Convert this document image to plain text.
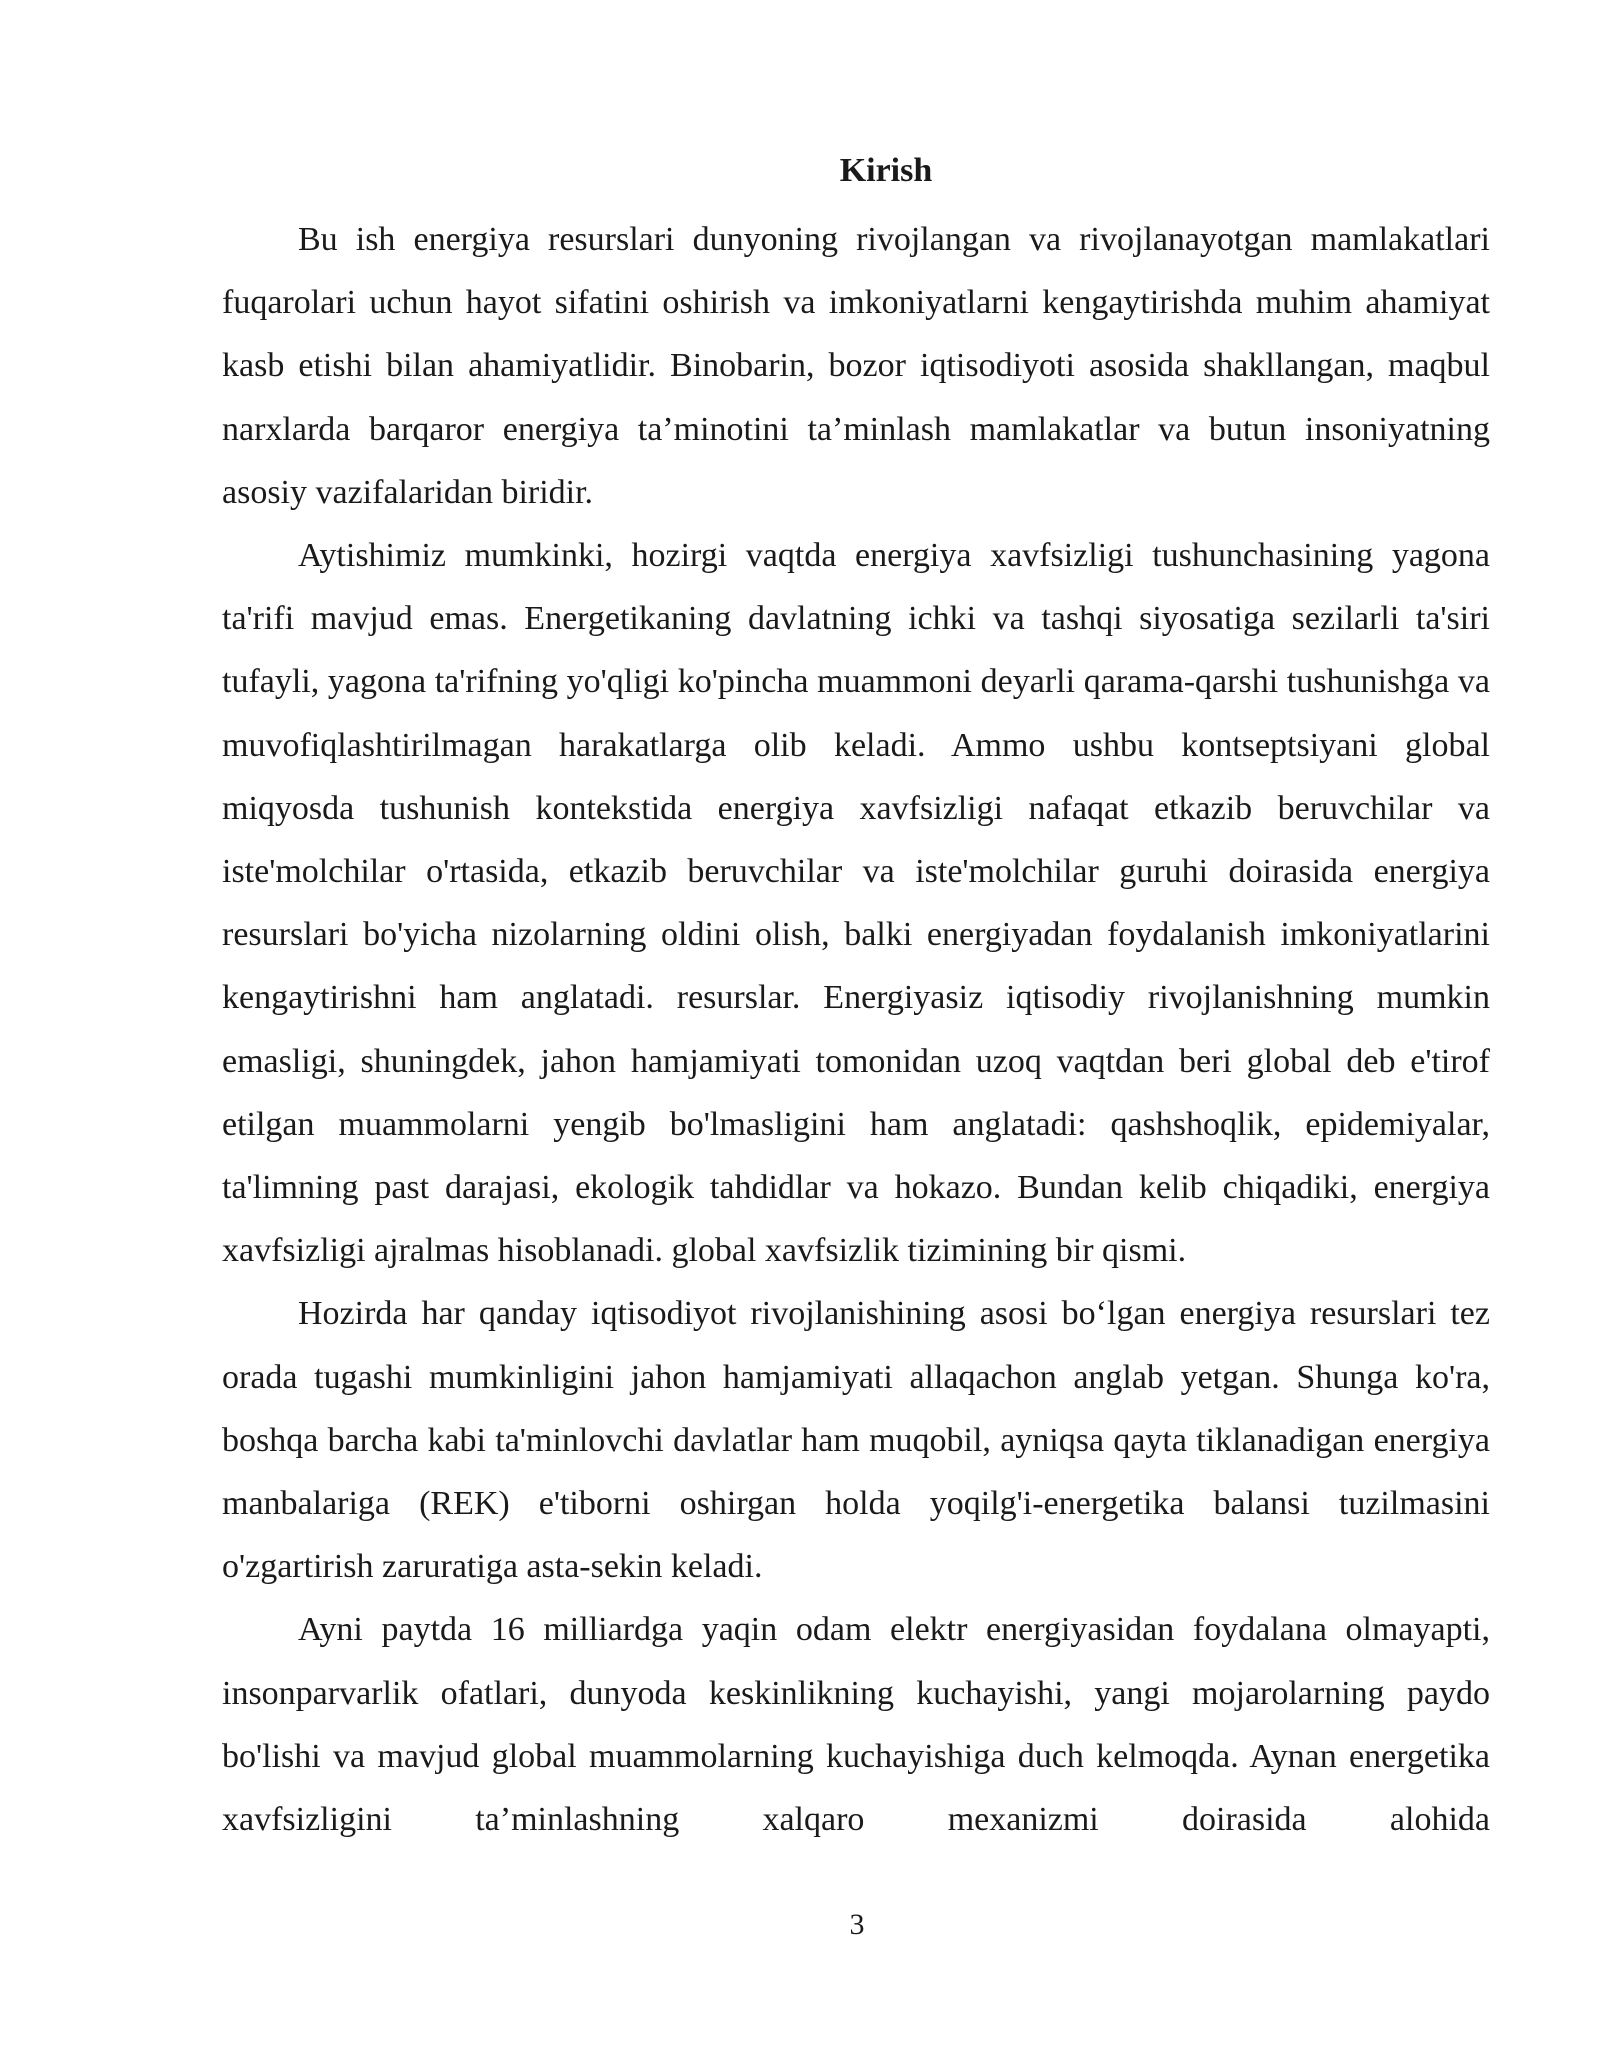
Kirish

Bu ish energiya resurslari dunyoning rivojlangan va rivojlanayotgan mamlakatlari fuqarolari uchun hayot sifatini oshirish va imkoniyatlarni kengaytirishda muhim ahamiyat kasb etishi bilan ahamiyatlidir. Binobarin, bozor iqtisodiyoti asosida shakllangan, maqbul narxlarda barqaror energiya ta’minotini ta’minlash mamlakatlar va butun insoniyatning asosiy vazifalaridan biridir.

Aytishimiz mumkinki, hozirgi vaqtda energiya xavfsizligi tushunchasining yagona ta'rifi mavjud emas. Energetikaning davlatning ichki va tashqi siyosatiga sezilarli ta'siri tufayli, yagona ta'rifning yo'qligi ko'pincha muammoni deyarli qarama-qarshi tushunishga va muvofiqlashtirilmagan harakatlarga olib keladi. Ammo ushbu kontseptsiyani global miqyosda tushunish kontekstida energiya xavfsizligi nafaqat etkazib beruvchilar va iste'molchilar o'rtasida, etkazib beruvchilar va iste'molchilar guruhi doirasida energiya resurslari bo'yicha nizolarning oldini olish, balki energiyadan foydalanish imkoniyatlarini kengaytirishni ham anglatadi. resurslar. Energiyasiz iqtisodiy rivojlanishning mumkin emasligi, shuningdek, jahon hamjamiyati tomonidan uzoq vaqtdan beri global deb e'tirof etilgan muammolarni yengib bo'lmasligini ham anglatadi: qashshoqlik, epidemiyalar, ta'limning past darajasi, ekologik tahdidlar va hokazo. Bundan kelib chiqadiki, energiya xavfsizligi ajralmas hisoblanadi. global xavfsizlik tizimining bir qismi.

Hozirda har qanday iqtisodiyot rivojlanishining asosi bo‘lgan energiya resurslari tez orada tugashi mumkinligini jahon hamjamiyati allaqachon anglab yetgan. Shunga ko'ra, boshqa barcha kabi ta'minlovchi davlatlar ham muqobil, ayniqsa qayta tiklanadigan energiya manbalariga (REK) e'tiborni oshirgan holda yoqilg'i-energetika balansi tuzilmasini o'zgartirish zaruratiga asta-sekin keladi.

Ayni paytda 16 milliardga yaqin odam elektr energiyasidan foydalana olmayapti, insonparvarlik ofatlari, dunyoda keskinlikning kuchayishi, yangi mojarolarning paydo bo'lishi va mavjud global muammolarning kuchayishiga duch kelmoqda. Aynan energetika xavfsizligini ta’minlashning xalqaro mexanizmi doirasida alohida

3
